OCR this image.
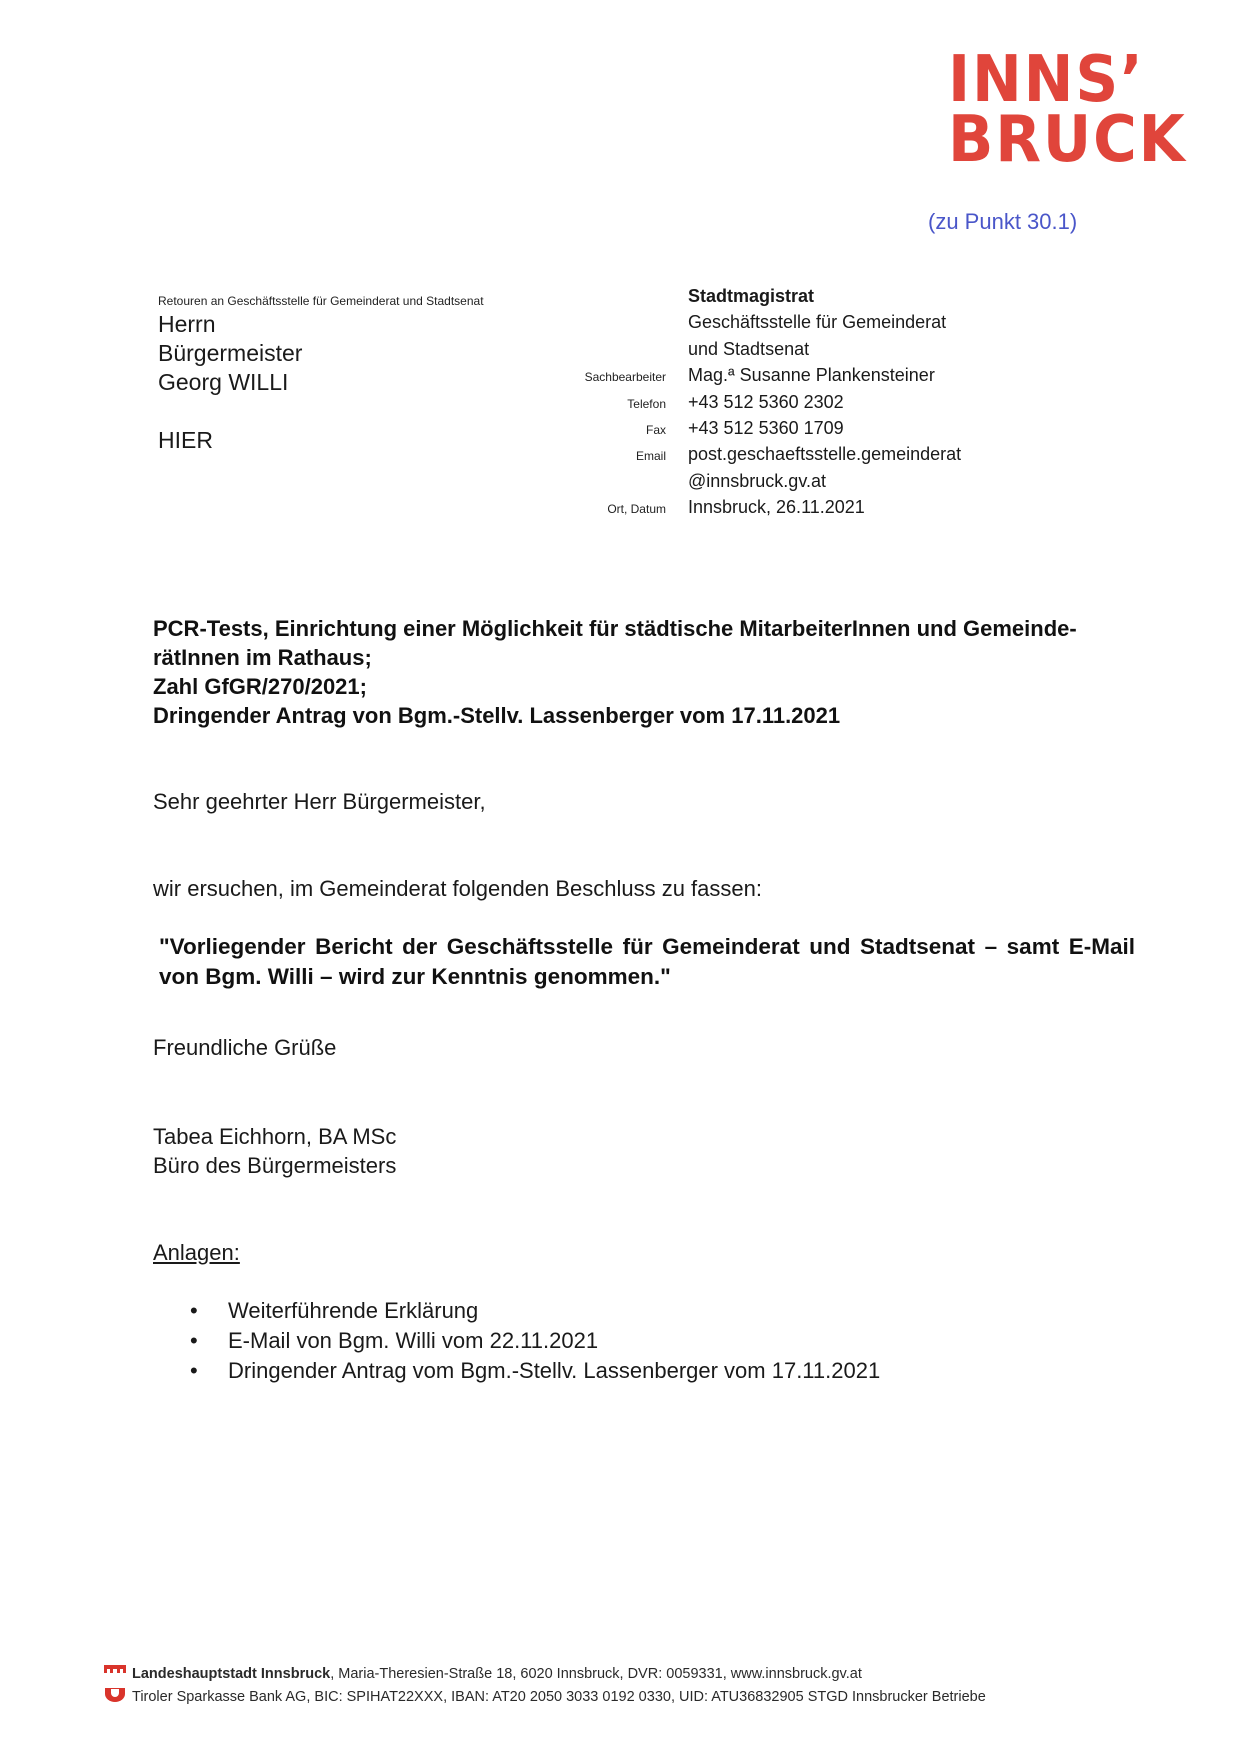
INNS’
BRUCK
(zu Punkt 30.1)
Retouren an Geschäftsstelle für Gemeinderat und Stadtsenat
Herrn
Bürgermeister
Georg WILLI
HIER
Stadtmagistrat
Geschäftsstelle für Gemeinderat
und Stadtsenat
Sachbearbeiter	Mag.ª Susanne Plankensteiner
Telefon	+43 512 5360 2302
Fax	+43 512 5360 1709
Email	post.geschaeftsstelle.gemeinderat
@innsbruck.gv.at
Ort, Datum	Innsbruck, 26.11.2021
PCR-Tests, Einrichtung einer Möglichkeit für städtische MitarbeiterInnen und Gemeinde-
rätInnen im Rathaus;
Zahl GfGR/270/2021;
Dringender Antrag von Bgm.-Stellv. Lassenberger vom 17.11.2021
Sehr geehrter Herr Bürgermeister,
wir ersuchen, im Gemeinderat folgenden Beschluss zu fassen:
"Vorliegender Bericht der Geschäftsstelle für Gemeinderat und Stadtsenat – samt E-Mail von Bgm. Willi – wird zur Kenntnis genommen."
Freundliche Grüße
Tabea Eichhorn, BA MSc
Büro des Bürgermeisters
Anlagen:
• Weiterführende Erklärung
• E-Mail von Bgm. Willi vom 22.11.2021
• Dringender Antrag vom Bgm.-Stellv. Lassenberger vom 17.11.2021
Landeshauptstadt Innsbruck , Maria-Theresien-Straße 18, 6020 Innsbruck, DVR: 0059331, www.innsbruck.gv.at
Tiroler Sparkasse Bank AG, BIC: SPIHAT22XXX, IBAN: AT20 2050 3033 0192 0330, UID: ATU36832905 STGD Innsbrucker Betriebe
